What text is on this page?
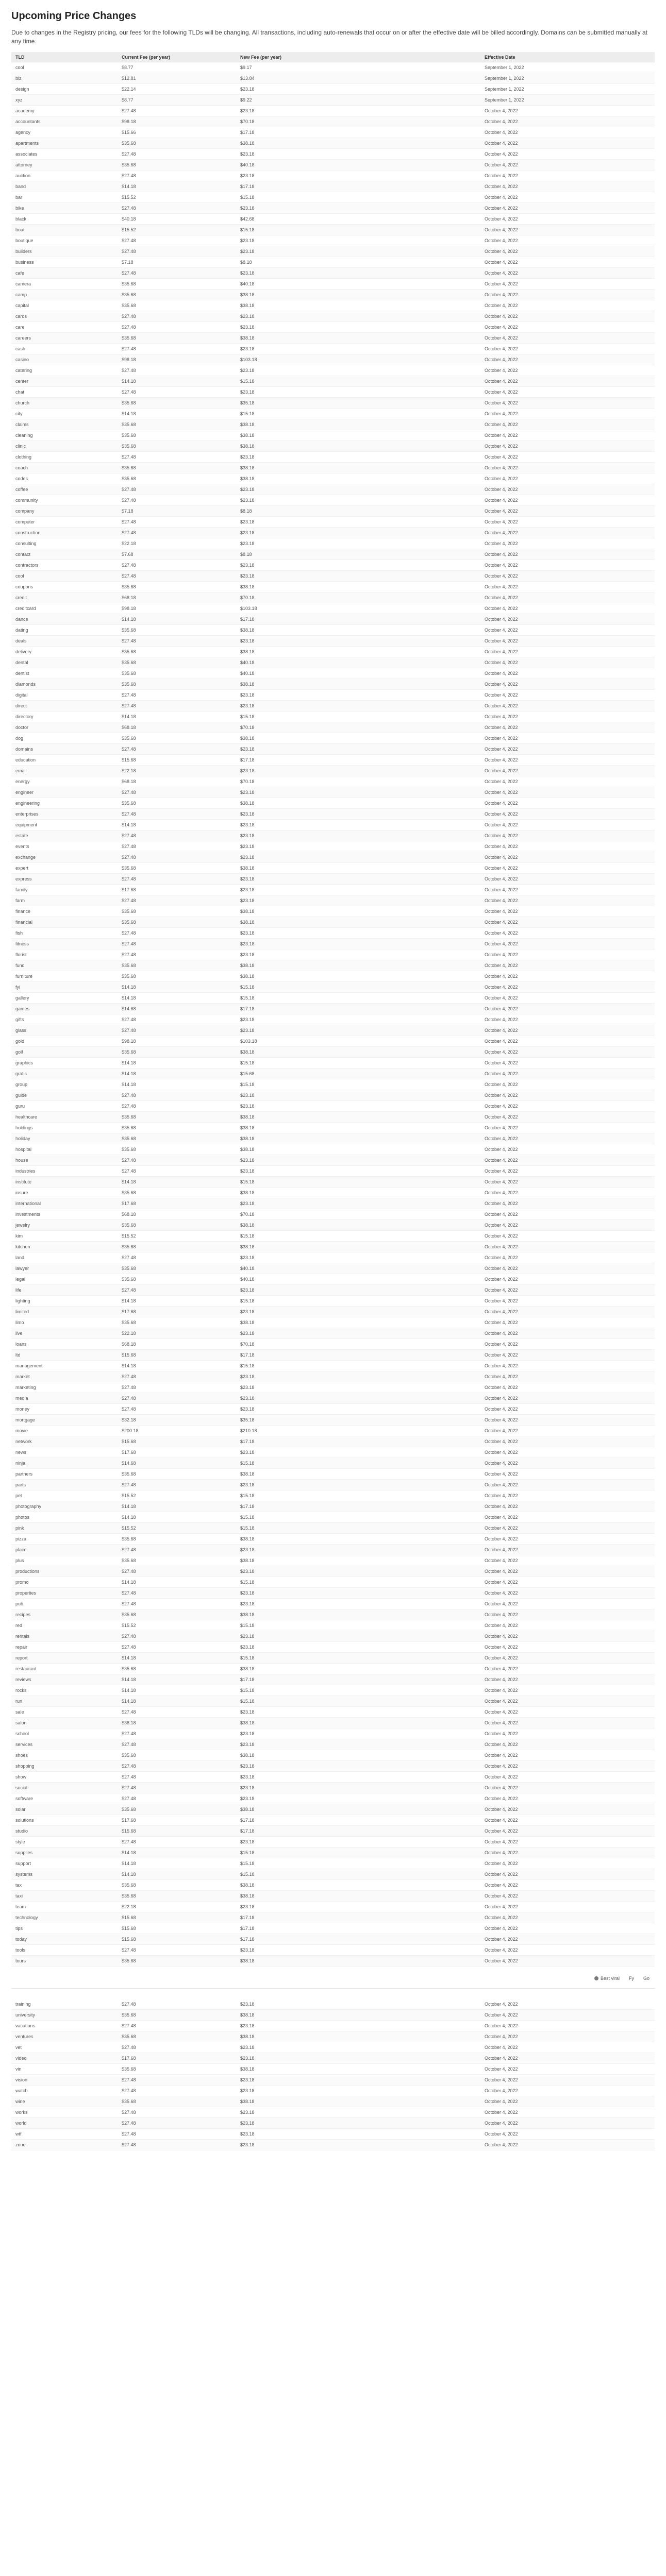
Upcoming Price Changes

Due to changes in the Registry pricing, our fees for the following TLDs will be changing. All transactions, including auto-renewals that occur on or after the effective date will be billed accordingly. Domains can be submitted manually at any time.

TLD	Current Fee (per year)	New Fee (per year)	Effective Date
cool	$8.77	$9.17	September 1, 2022
biz	$12.81	$13.84	September 1, 2022
design	$22.14	$23.18	September 1, 2022
xyz	$8.77	$9.22	September 1, 2022
academy	$27.48	$23.18	October 4, 2022
accountants	$98.18	$70.18	October 4, 2022
agency	$15.66	$17.18	October 4, 2022
apartments	$35.68	$38.18	October 4, 2022
associates	$27.48	$23.18	October 4, 2022
attorney	$35.68	$40.18	October 4, 2022
auction	$27.48	$23.18	October 4, 2022
band	$14.18	$17.18	October 4, 2022
bar	$15.52	$15.18	October 4, 2022
bike	$27.48	$23.18	October 4, 2022
black	$40.18	$42.68	October 4, 2022
boat	$15.52	$15.18	October 4, 2022
boutique	$27.48	$23.18	October 4, 2022
builders	$27.48	$23.18	October 4, 2022
business	$7.18	$8.18	October 4, 2022
cafe	$27.48	$23.18	October 4, 2022
camera	$35.68	$40.18	October 4, 2022
camp	$35.68	$38.18	October 4, 2022
capital	$35.68	$38.18	October 4, 2022
cards	$27.48	$23.18	October 4, 2022
care	$27.48	$23.18	October 4, 2022
careers	$35.68	$38.18	October 4, 2022
cash	$27.48	$23.18	October 4, 2022
casino	$98.18	$103.18	October 4, 2022
catering	$27.48	$23.18	October 4, 2022
center	$14.18	$15.18	October 4, 2022
chat	$27.48	$23.18	October 4, 2022
church	$35.68	$35.18	October 4, 2022
city	$14.18	$15.18	October 4, 2022
claims	$35.68	$38.18	October 4, 2022
cleaning	$35.68	$38.18	October 4, 2022
clinic	$35.68	$38.18	October 4, 2022
clothing	$27.48	$23.18	October 4, 2022
coach	$35.68	$38.18	October 4, 2022
codes	$35.68	$38.18	October 4, 2022
coffee	$27.48	$23.18	October 4, 2022
community	$27.48	$23.18	October 4, 2022
company	$7.18	$8.18	October 4, 2022
computer	$27.48	$23.18	October 4, 2022
construction	$27.48	$23.18	October 4, 2022
consulting	$22.18	$23.18	October 4, 2022
contact	$7.68	$8.18	October 4, 2022
contractors	$27.48	$23.18	October 4, 2022
cool	$27.48	$23.18	October 4, 2022
coupons	$35.68	$38.18	October 4, 2022
credit	$68.18	$70.18	October 4, 2022
creditcard	$98.18	$103.18	October 4, 2022
dance	$14.18	$17.18	October 4, 2022
dating	$35.68	$38.18	October 4, 2022
deals	$27.48	$23.18	October 4, 2022
delivery	$35.68	$38.18	October 4, 2022
dental	$35.68	$40.18	October 4, 2022
dentist	$35.68	$40.18	October 4, 2022
diamonds	$35.68	$38.18	October 4, 2022
digital	$27.48	$23.18	October 4, 2022
direct	$27.48	$23.18	October 4, 2022
directory	$14.18	$15.18	October 4, 2022
doctor	$68.18	$70.18	October 4, 2022
dog	$35.68	$38.18	October 4, 2022
domains	$27.48	$23.18	October 4, 2022
education	$15.68	$17.18	October 4, 2022
email	$22.18	$23.18	October 4, 2022
energy	$68.18	$70.18	October 4, 2022
engineer	$27.48	$23.18	October 4, 2022
engineering	$35.68	$38.18	October 4, 2022
enterprises	$27.48	$23.18	October 4, 2022
equipment	$14.18	$23.18	October 4, 2022
estate	$27.48	$23.18	October 4, 2022
events	$27.48	$23.18	October 4, 2022
exchange	$27.48	$23.18	October 4, 2022
expert	$35.68	$38.18	October 4, 2022
express	$27.48	$23.18	October 4, 2022
family	$17.68	$23.18	October 4, 2022
farm	$27.48	$23.18	October 4, 2022
finance	$35.68	$38.18	October 4, 2022
financial	$35.68	$38.18	October 4, 2022
fish	$27.48	$23.18	October 4, 2022
fitness	$27.48	$23.18	October 4, 2022
florist	$27.48	$23.18	October 4, 2022
fund	$35.68	$38.18	October 4, 2022
furniture	$35.68	$38.18	October 4, 2022
fyi	$14.18	$15.18	October 4, 2022
gallery	$14.18	$15.18	October 4, 2022
games	$14.68	$17.18	October 4, 2022
gifts	$27.48	$23.18	October 4, 2022
glass	$27.48	$23.18	October 4, 2022
gold	$98.18	$103.18	October 4, 2022
golf	$35.68	$38.18	October 4, 2022
graphics	$14.18	$15.18	October 4, 2022
gratis	$14.18	$15.68	October 4, 2022
group	$14.18	$15.18	October 4, 2022
guide	$27.48	$23.18	October 4, 2022
guru	$27.48	$23.18	October 4, 2022
healthcare	$35.68	$38.18	October 4, 2022
holdings	$35.68	$38.18	October 4, 2022
holiday	$35.68	$38.18	October 4, 2022
hospital	$35.68	$38.18	October 4, 2022
house	$27.48	$23.18	October 4, 2022
industries	$27.48	$23.18	October 4, 2022
institute	$14.18	$15.18	October 4, 2022
insure	$35.68	$38.18	October 4, 2022
international	$17.68	$23.18	October 4, 2022
investments	$68.18	$70.18	October 4, 2022
jewelry	$35.68	$38.18	October 4, 2022
kim	$15.52	$15.18	October 4, 2022
kitchen	$35.68	$38.18	October 4, 2022
land	$27.48	$23.18	October 4, 2022
lawyer	$35.68	$40.18	October 4, 2022
legal	$35.68	$40.18	October 4, 2022
life	$27.48	$23.18	October 4, 2022
lighting	$14.18	$15.18	October 4, 2022
limited	$17.68	$23.18	October 4, 2022
limo	$35.68	$38.18	October 4, 2022
live	$22.18	$23.18	October 4, 2022
loans	$68.18	$70.18	October 4, 2022
ltd	$15.68	$17.18	October 4, 2022
management	$14.18	$15.18	October 4, 2022
market	$27.48	$23.18	October 4, 2022
marketing	$27.48	$23.18	October 4, 2022
media	$27.48	$23.18	October 4, 2022
money	$27.48	$23.18	October 4, 2022
mortgage	$32.18	$35.18	October 4, 2022
movie	$200.18	$210.18	October 4, 2022
network	$15.68	$17.18	October 4, 2022
news	$17.68	$23.18	October 4, 2022
ninja	$14.68	$15.18	October 4, 2022
partners	$35.68	$38.18	October 4, 2022
parts	$27.48	$23.18	October 4, 2022
pet	$15.52	$15.18	October 4, 2022
photography	$14.18	$17.18	October 4, 2022
photos	$14.18	$15.18	October 4, 2022
pink	$15.52	$15.18	October 4, 2022
pizza	$35.68	$38.18	October 4, 2022
place	$27.48	$23.18	October 4, 2022
plus	$35.68	$38.18	October 4, 2022
productions	$27.48	$23.18	October 4, 2022
promo	$14.18	$15.18	October 4, 2022
properties	$27.48	$23.18	October 4, 2022
pub	$27.48	$23.18	October 4, 2022
recipes	$35.68	$38.18	October 4, 2022
red	$15.52	$15.18	October 4, 2022
rentals	$27.48	$23.18	October 4, 2022
repair	$27.48	$23.18	October 4, 2022
report	$14.18	$15.18	October 4, 2022
restaurant	$35.68	$38.18	October 4, 2022
reviews	$14.18	$17.18	October 4, 2022
rocks	$14.18	$15.18	October 4, 2022
run	$14.18	$15.18	October 4, 2022
sale	$27.48	$23.18	October 4, 2022
salon	$38.18	$38.18	October 4, 2022
school	$27.48	$23.18	October 4, 2022
services	$27.48	$23.18	October 4, 2022
shoes	$35.68	$38.18	October 4, 2022
shopping	$27.48	$23.18	October 4, 2022
show	$27.48	$23.18	October 4, 2022
social	$27.48	$23.18	October 4, 2022
software	$27.48	$23.18	October 4, 2022
solar	$35.68	$38.18	October 4, 2022
solutions	$17.68	$17.18	October 4, 2022
studio	$15.68	$17.18	October 4, 2022
style	$27.48	$23.18	October 4, 2022
supplies	$14.18	$15.18	October 4, 2022
support	$14.18	$15.18	October 4, 2022
systems	$14.18	$15.18	October 4, 2022
tax	$35.68	$38.18	October 4, 2022
taxi	$35.68	$38.18	October 4, 2022
team	$22.18	$23.18	October 4, 2022
technology	$15.68	$17.18	October 4, 2022
tips	$15.68	$17.18	October 4, 2022
today	$15.68	$17.18	October 4, 2022
tools	$27.48	$23.18	October 4, 2022
tours	$35.68	$38.18	October 4, 2022
Best viral Fy Go
training	$27.48	$23.18	October 4, 2022
university	$35.68	$38.18	October 4, 2022
vacations	$27.48	$23.18	October 4, 2022
ventures	$35.68	$38.18	October 4, 2022
vet	$27.48	$23.18	October 4, 2022
video	$17.68	$23.18	October 4, 2022
vin	$35.68	$38.18	October 4, 2022
vision	$27.48	$23.18	October 4, 2022
watch	$27.48	$23.18	October 4, 2022
wine	$35.68	$38.18	October 4, 2022
works	$27.48	$23.18	October 4, 2022
world	$27.48	$23.18	October 4, 2022
wtf	$27.48	$23.18	October 4, 2022
zone	$27.48	$23.18	October 4, 2022
